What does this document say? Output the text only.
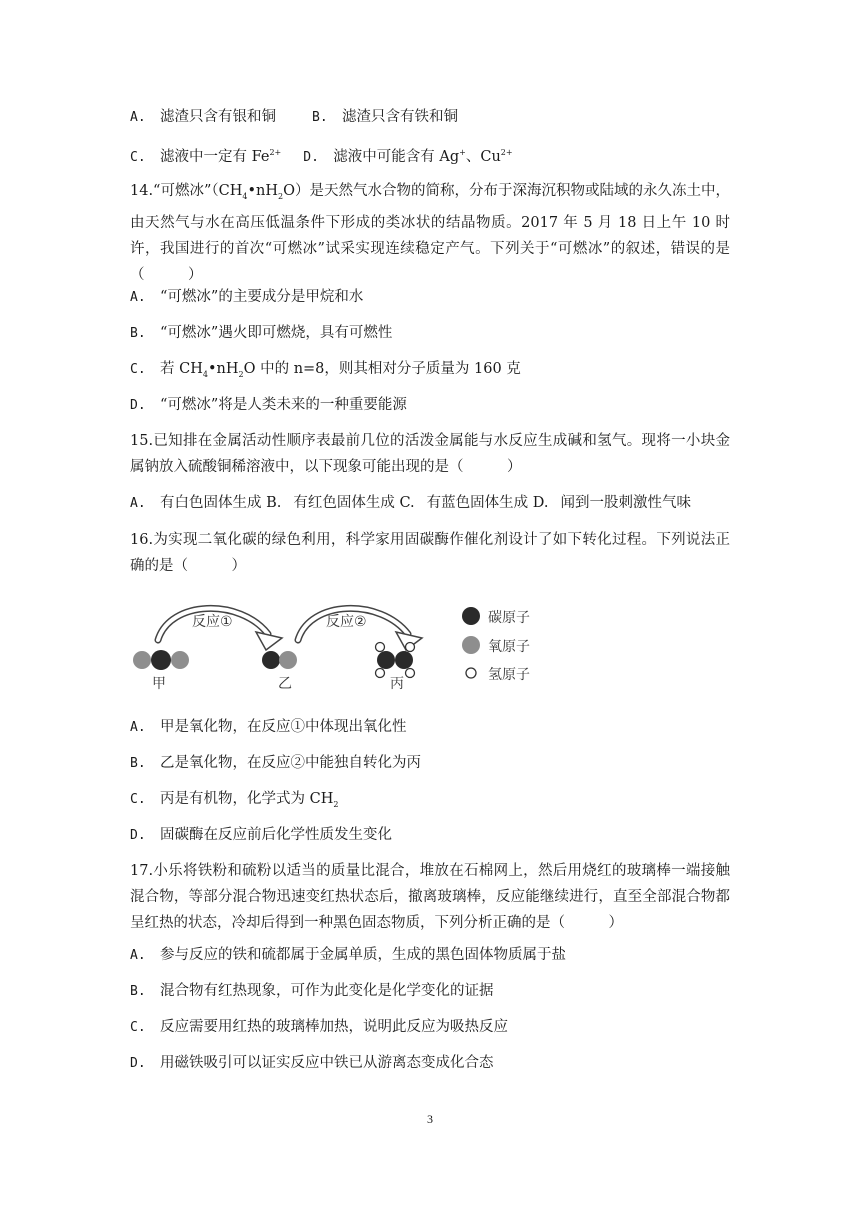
A. 滤渣只含有银和铜	B. 滤渣只含有铁和铜
C. 滤液中一定有 $Fe^{2+}$ D. 滤液中可能含有 Ag+、$Cu^{2+}$
14.“可燃冰$”(CH_4•nH_2O)$是天然气水合物的简称，分布于深海沉积物或陆域的永久冻土中，由天然气与水在高压低温条件下形成的类冰状的结晶物质。2017 年 5 月 18 日上午 10 时许，我国进行的首次“可燃冰”试采实现连续稳定产气。下列关于“可燃冰”的叙述，错误的是（　　　）
A. “可燃冰”的主要成分是甲烷和水
B. “可燃冰”遇火即可燃烧，具有可燃性
C. 若 $CH_4•nH_2O$ 中的 n=8，则其相对分子质量为 160 克
D. “可燃冰”将是人类未来的一种重要能源
15.已知排在金属活动性顺序表最前几位的活泼金属能与水反应生成碱和氢气。现将一小块金属钠放入硫酸铜稀溶液中，以下现象可能出现的是（　　　）
A. 有白色固体生成 B. 有红色固体生成 C. 有蓝色固体生成 D. 闻到一股刺激性气味
16.为实现二氧化碳的绿色利用，科学家用固碳酶作催化剂设计了如下转化过程。下列说法正确的是（　　　）
反应①	反应②
甲	乙	丙
碳原子
氧原子
氢原子
A. 甲是氧化物，在反应①中体现出氧化性
B. 乙是氧化物，在反应②中能独自转化为丙
C. 丙是有机物，化学式为 $CH_2$
D. 固碳酶在反应前后化学性质发生变化
17.小乐将铁粉和硫粉以适当的质量比混合，堆放在石棉网上，然后用烧红的玻璃棒一端接触混合物，等部分混合物迅速变红热状态后，撤离玻璃棒，反应能继续进行，直至全部混合物都呈红热的状态，冷却后得到一种黑色固态物质，下列分析正确的是（　　　）
A. 参与反应的铁和硫都属于金属单质，生成的黑色固体物质属于盐
B. 混合物有红热现象，可作为此变化是化学变化的证据
C. 反应需要用红热的玻璃棒加热，说明此反应为吸热反应
D. 用磁铁吸引可以证实反应中铁已从游离态变成化合态
3
